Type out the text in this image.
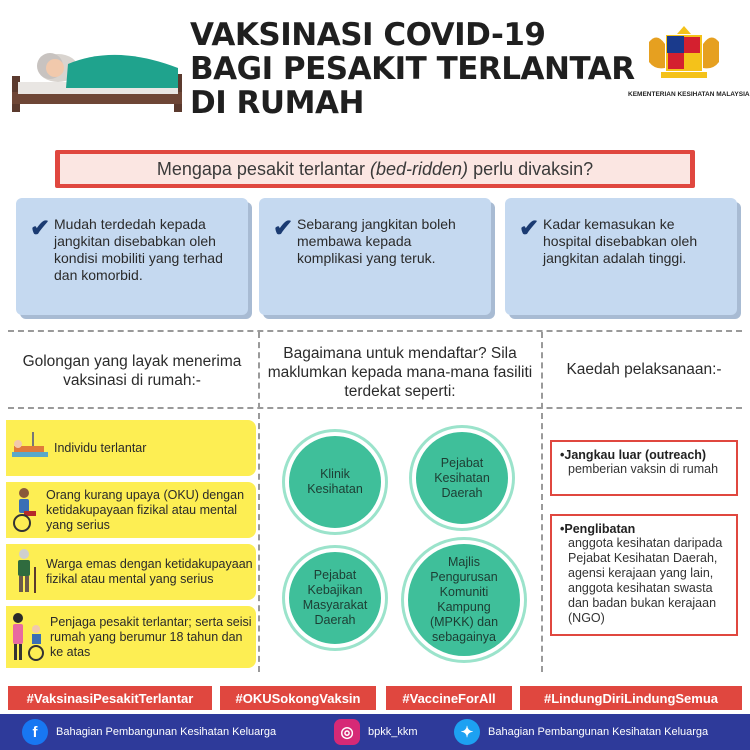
VAKSINASI COVID-19
BAGI PESAKIT TERLANTAR
DI RUMAH	KEMENTERIAN KESIHATAN MALAYSIA
Mengapa pesakit terlantar (bed-ridden) perlu divaksin?
✔ Mudah terdedah kepada jangkitan disebabkan oleh kondisi mobiliti yang terhad dan komorbid.
✔ Sebarang jangkitan boleh membawa kepada komplikasi yang teruk.
✔ Kadar kemasukan ke hospital disebabkan oleh jangkitan adalah tinggi.
Golongan yang layak menerima vaksinasi di rumah:-
Bagaimana untuk mendaftar? Sila maklumkan kepada mana-mana fasiliti terdekat seperti:
Kaedah pelaksanaan:-
Individu terlantar
Orang kurang upaya (OKU) dengan ketidakupayaan fizikal atau mental yang serius
Warga emas dengan ketidakupayaan fizikal atau mental yang serius
Penjaga pesakit terlantar; serta seisi rumah yang berumur 18 tahun dan ke atas
Klinik Kesihatan
Pejabat Kesihatan Daerah
Pejabat Kebajikan Masyarakat Daerah
Majlis Pengurusan Komuniti Kampung (MPKK) dan sebagainya
•Jangkau luar (outreach)
pemberian vaksin di rumah
•Penglibatan
anggota kesihatan daripada Pejabat Kesihatan Daerah, agensi kerajaan yang lain, anggota kesihatan swasta dan badan bukan kerajaan (NGO)
#VaksinasiPesakitTerlantar	#OKUSokongVaksin	#VaccineForAll	#LindungDiriLindungSemua
f	Bahagian Pembangunan Kesihatan Keluarga	◎	bpkk_kkm	✦	Bahagian Pembangunan Kesihatan Keluarga
